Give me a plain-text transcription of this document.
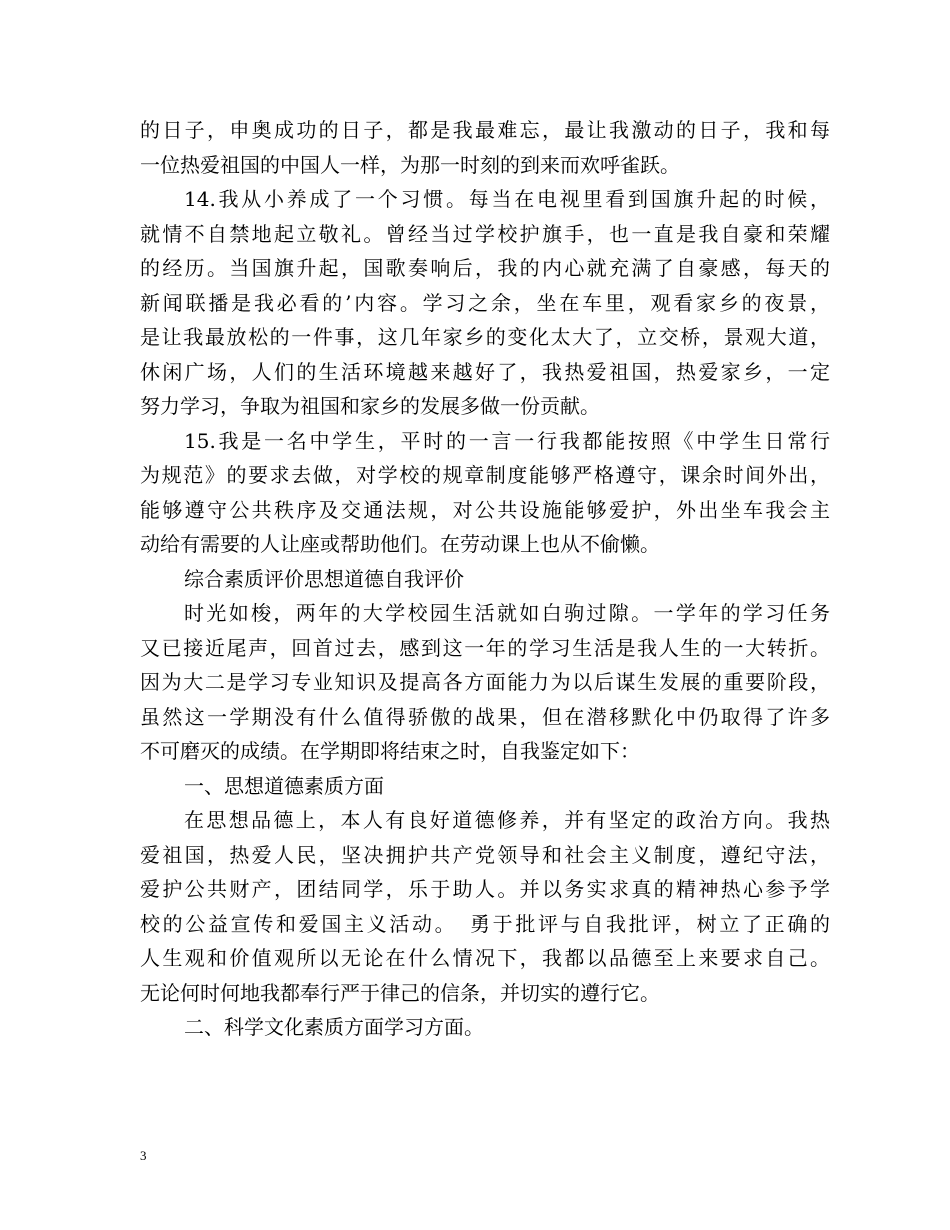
的日子，申奥成功的日子，都是我最难忘，最让我激动的日子，我和每
一位热爱祖国的中国人一样，为那一时刻的到来而欢呼雀跃。
14.我从小养成了一个习惯。每当在电视里看到国旗升起的时候，
就情不自禁地起立敬礼。曾经当过学校护旗手，也一直是我自豪和荣耀
的经历。当国旗升起，国歌奏响后，我的内心就充满了自豪感，每天的
新闻联播是我必看的’内容。学习之余，坐在车里，观看家乡的夜景，
是让我最放松的一件事，这几年家乡的变化太大了，立交桥，景观大道，
休闲广场，人们的生活环境越来越好了，我热爱祖国，热爱家乡，一定
努力学习，争取为祖国和家乡的发展多做一份贡献。
15.我是一名中学生，平时的一言一行我都能按照《中学生日常行
为规范》的要求去做，对学校的规章制度能够严格遵守，课余时间外出，
能够遵守公共秩序及交通法规，对公共设施能够爱护，外出坐车我会主
动给有需要的人让座或帮助他们。在劳动课上也从不偷懒。
综合素质评价思想道德自我评价
时光如梭，两年的大学校园生活就如白驹过隙。一学年的学习任务
又已接近尾声，回首过去，感到这一年的学习生活是我人生的一大转折。
因为大二是学习专业知识及提高各方面能力为以后谋生发展的重要阶段，
虽然这一学期没有什么值得骄傲的战果，但在潜移默化中仍取得了许多
不可磨灭的成绩。在学期即将结束之时，自我鉴定如下：
一、思想道德素质方面
在思想品德上，本人有良好道德修养，并有坚定的政治方向。我热
爱祖国，热爱人民，坚决拥护共产党领导和社会主义制度，遵纪守法，
爱护公共财产，团结同学，乐于助人。并以务实求真的精神热心参予学
校的公益宣传和爱国主义活动。　勇于批评与自我批评，树立了正确的
人生观和价值观所以无论在什么情况下，我都以品德至上来要求自己。
无论何时何地我都奉行严于律己的信条，并切实的遵行它。
二、科学文化素质方面学习方面。
3
